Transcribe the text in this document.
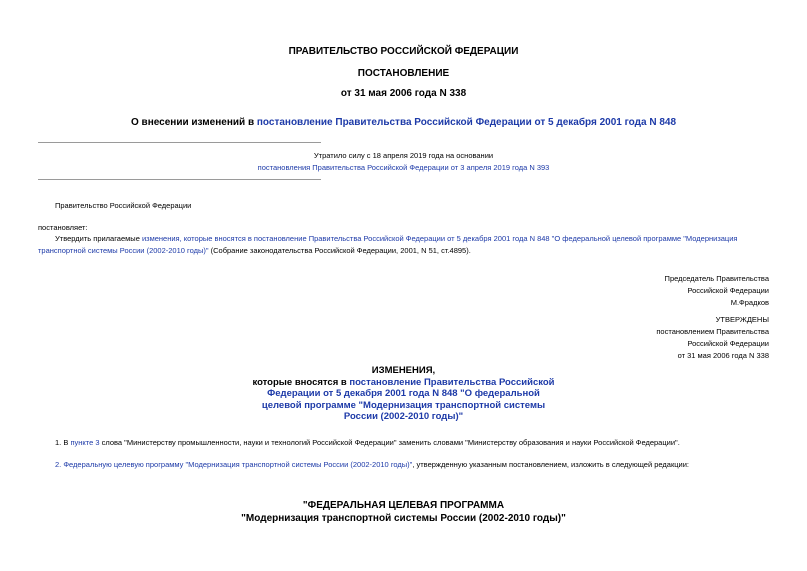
ПРАВИТЕЛЬСТВО РОССИЙСКОЙ ФЕДЕРАЦИИ
ПОСТАНОВЛЕНИЕ
от 31 мая 2006 года N 338
О внесении изменений в постановление Правительства Российской Федерации от 5 декабря 2001 года N 848
Утратило силу с 18 апреля 2019 года на основании
постановления Правительства Российской Федерации от 3 апреля 2019 года N 393
Правительство Российской Федерации
постановляет:
Утвердить прилагаемые изменения, которые вносятся в постановление Правительства Российской Федерации от 5 декабря 2001 года N 848 "О федеральной целевой программе "Модернизация транспортной системы России (2002-2010 годы)" (Собрание законодательства Российской Федерации, 2001, N 51, ст.4895).
Председатель Правительства
Российской Федерации
М.Фрадков
УТВЕРЖДЕНЫ
постановлением Правительства
Российской Федерации
от 31 мая 2006 года N 338
ИЗМЕНЕНИЯ,
которые вносятся в постановление Правительства Российской Федерации от 5 декабря 2001 года N 848 "О федеральной целевой программе "Модернизация транспортной системы России (2002-2010 годы)"
1. В пункте 3 слова "Министерству промышленности, науки и технологий Российской Федерации" заменить словами "Министерству образования и науки Российской Федерации".
2. Федеральную целевую программу "Модернизация транспортной системы России (2002-2010 годы)", утвержденную указанным постановлением, изложить в следующей редакции:
"ФЕДЕРАЛЬНАЯ ЦЕЛЕВАЯ ПРОГРАММА
"Модернизация транспортной системы России (2002-2010 годы)"
